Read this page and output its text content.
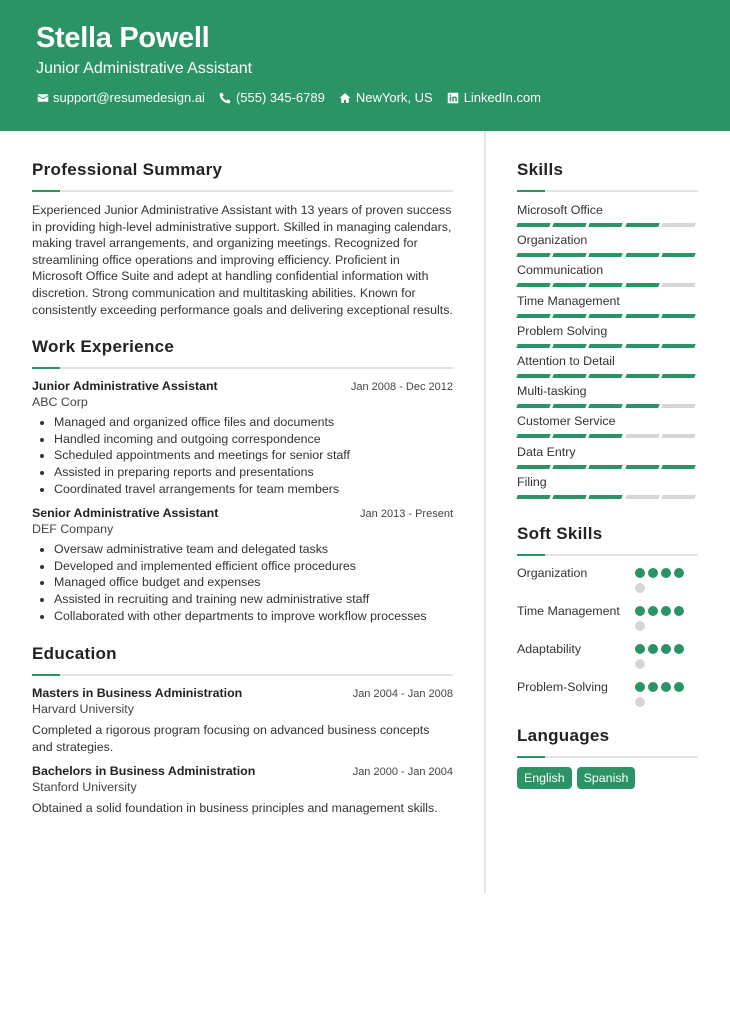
Stella Powell
Junior Administrative Assistant
support@resumedesign.ai (555) 345-6789 NewYork, US LinkedIn.com
Professional Summary

Experienced Junior Administrative Assistant with 13 years of proven success in providing high-level administrative support. Skilled in managing calendars, making travel arrangements, and organizing meetings. Recognized for streamlining office operations and improving efficiency. Proficient in Microsoft Office Suite and adept at handling confidential information with discretion. Strong communication and multitasking abilities. Known for consistently exceeding performance goals and delivering exceptional results.

Work Experience
Junior Administrative Assistant	Jan 2008 - Dec 2012
ABC Corp
Managed and organized office files and documents
Handled incoming and outgoing correspondence
Scheduled appointments and meetings for senior staff
Assisted in preparing reports and presentations
Coordinated travel arrangements for team members
Senior Administrative Assistant	Jan 2013 - Present
DEF Company
Oversaw administrative team and delegated tasks
Developed and implemented efficient office procedures
Managed office budget and expenses
Assisted in recruiting and training new administrative staff
Collaborated with other departments to improve workflow processes
Education
Masters in Business Administration	Jan 2004 - Jan 2008
Harvard University

Completed a rigorous program focusing on advanced business concepts and strategies.

Bachelors in Business Administration	Jan 2000 - Jan 2004
Stanford University

Obtained a solid foundation in business principles and management skills.

Skills
Microsoft Office
Organization
Communication
Time Management
Problem Solving
Attention to Detail
Multi-tasking
Customer Service
Data Entry
Filing
Soft Skills
Organization
Time Management
Adaptability
Problem-Solving
Languages
English	Spanish
